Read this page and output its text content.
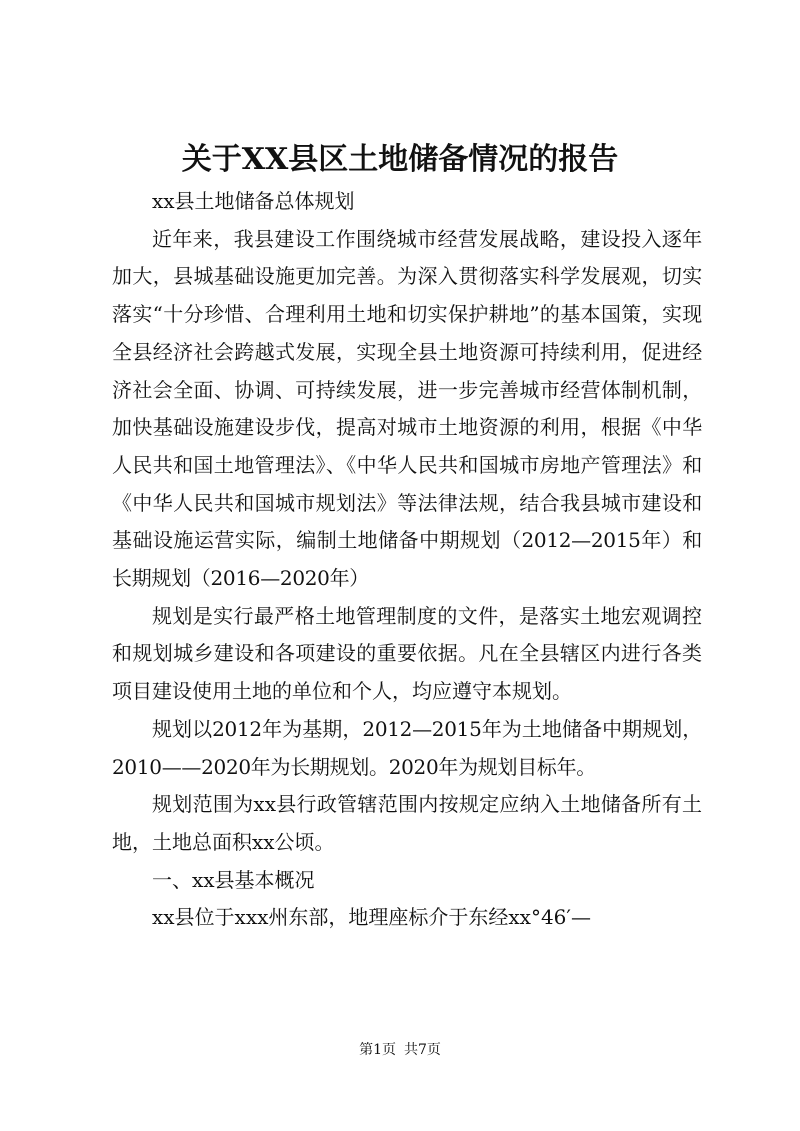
关于XX县区土地储备情况的报告

xx县土地储备总体规划

近年来，我县建设工作围绕城市经营发展战略，建设投入逐年加大，县城基础设施更加完善。为深入贯彻落实科学发展观，切实落实“十分珍惜、合理利用土地和切实保护耕地”的基本国策，实现全县经济社会跨越式发展，实现全县土地资源可持续利用，促进经济社会全面、协调、可持续发展，进一步完善城市经营体制机制，加快基础设施建设步伐，提高对城市土地资源的利用，根据《中华人民共和国土地管理法》、《中华人民共和国城市房地产管理法》和《中华人民共和国城市规划法》等法律法规，结合我县城市建设和基础设施运营实际，编制土地储备中期规划（2012—2015年）和长期规划（2016—2020年）

规划是实行最严格土地管理制度的文件，是落实土地宏观调控和规划城乡建设和各项建设的重要依据。凡在全县辖区内进行各类项目建设使用土地的单位和个人，均应遵守本规划。

规划以2012年为基期，2012—2015年为土地储备中期规划，2010——2020年为长期规划。2020年为规划目标年。

规划范围为xx县行政管辖范围内按规定应纳入土地储备所有土地，土地总面积xx公顷。

一、xx县基本概况

xx县位于xxx州东部，地理座标介于东经xx°46′—

第1页 共7页
